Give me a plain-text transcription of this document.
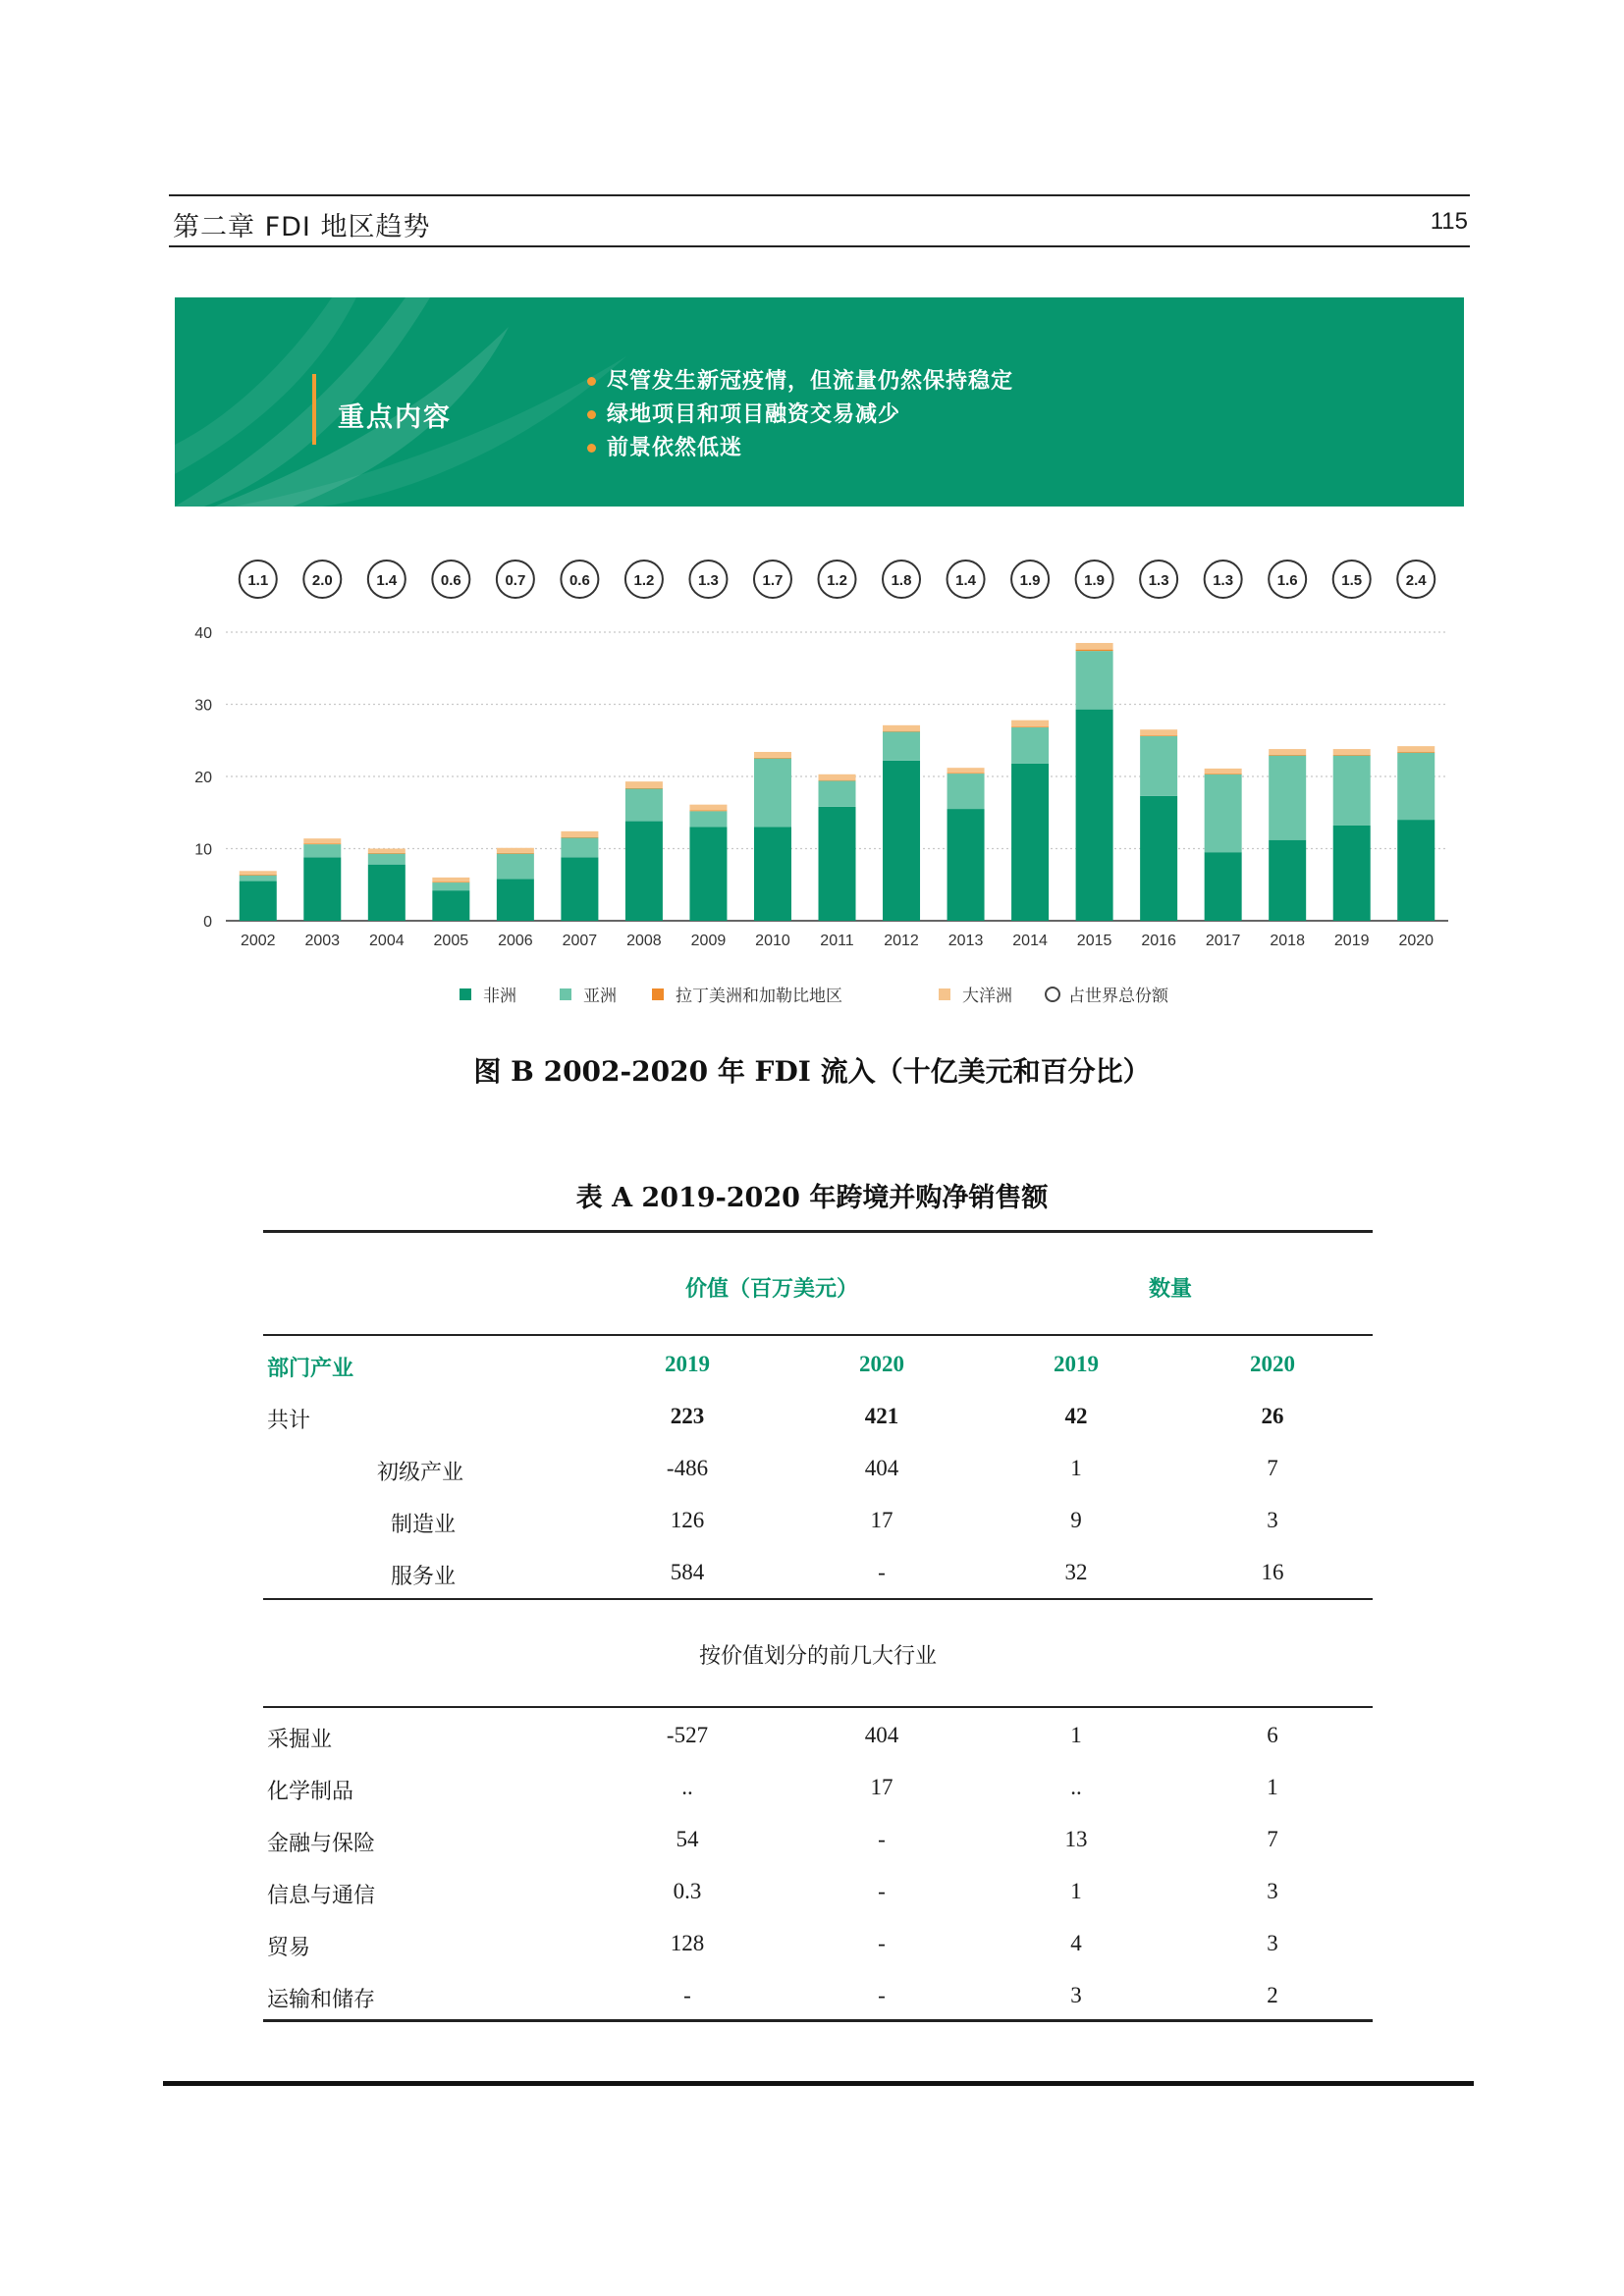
第二章 FDI 地区趋势	115
重点内容
尽管发生新冠疫情，但流量仍然保持稳定
绿地项目和项目融资交易减少
前景依然低迷
0
10
20
30
40
2002
1.1
2003
2.0
2004
1.4
2005
0.6
2006
0.7
2007
0.6
2008
1.2
2009
1.3
2010
1.7
2011
1.2
2012
1.8
2013
1.4
2014
1.9
2015
1.9
2016
1.3
2017
1.3
2018
1.6
2019
1.5
2020
2.4
非洲	亚洲	拉丁美洲和加勒比地区	大洋洲	占世界总份额
图 B 2002-2020 年 FDI 流入（十亿美元和百分比）
表 A 2019-2020 年跨境并购净销售额
价值（百万美元）	数量
部门产业	2019	2020	2019	2020
共计	223	421	42	26
初级产业	-486	404	1	7
制造业	126	17	9	3
服务业	584	-	32	16
按价值划分的前几大行业
采掘业	-527	404	1	6
化学制品	..	17	..	1
金融与保险	54	-	13	7
信息与通信	0.3	-	1	3
贸易	128	-	4	3
运输和储存	-	-	3	2
